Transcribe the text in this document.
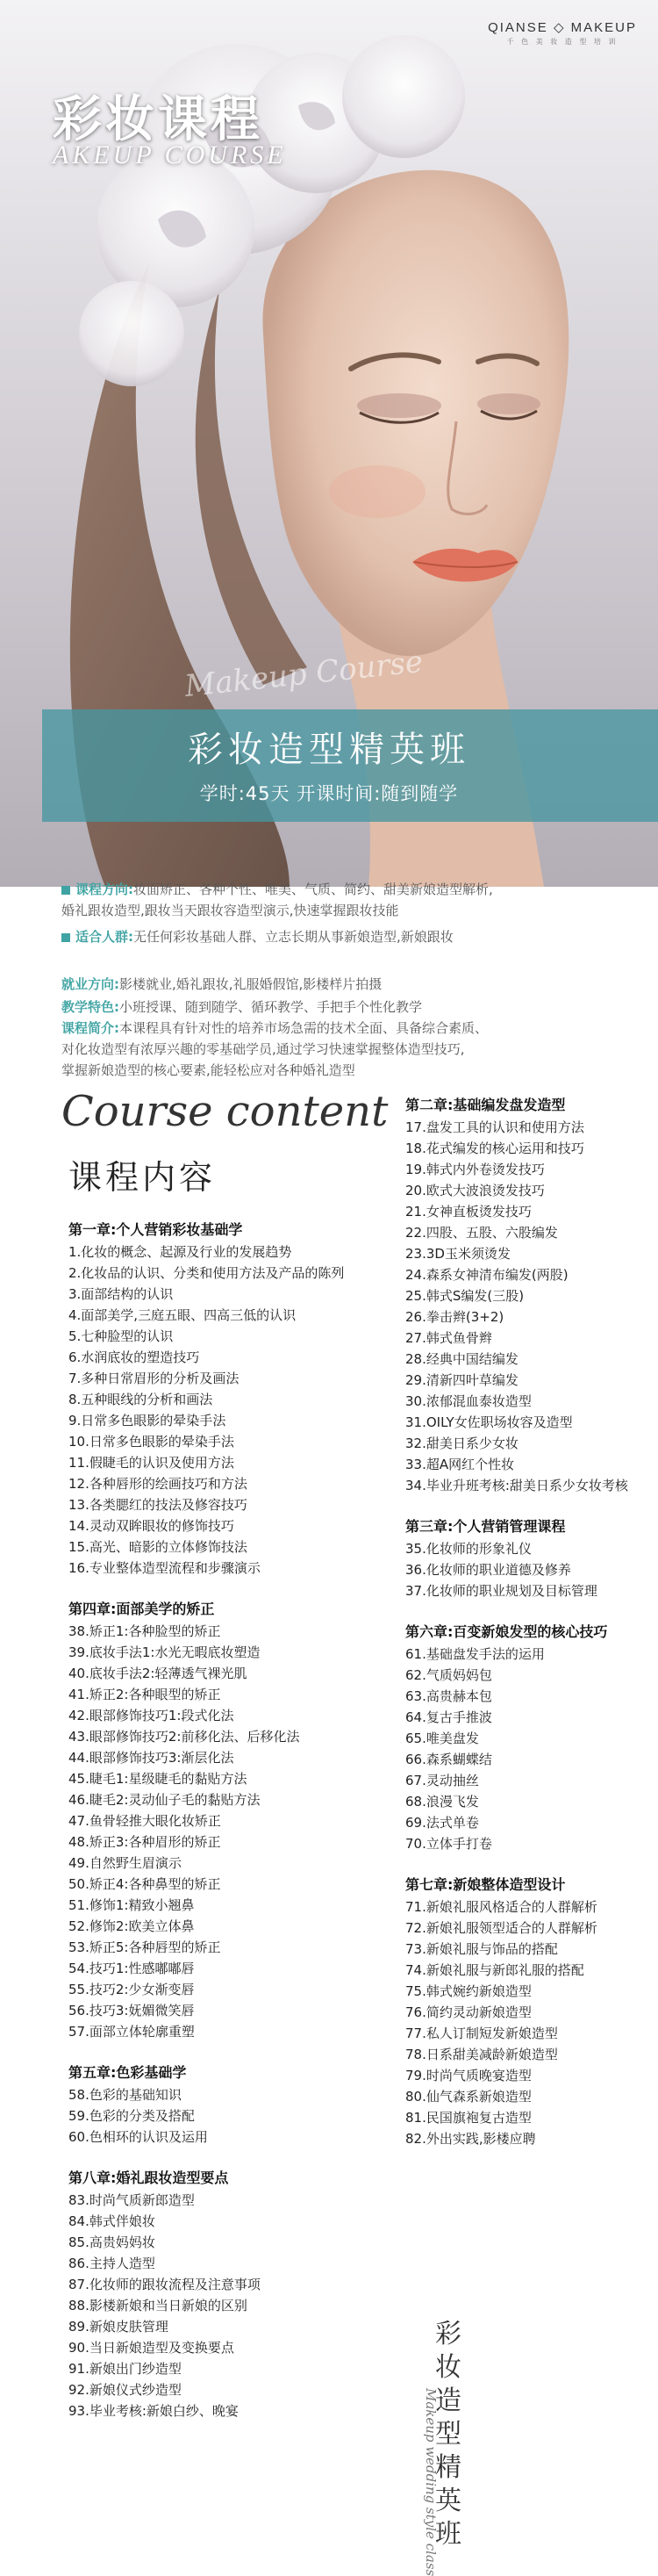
QIANSE ◇ MAKEUP
千 色 美 妆 造 型 培 训
彩妆课程
AKEUP COURSE
Makeup Course
彩妆造型精英班
学时:45天 开课时间:随到随学
课程方向:妆面矫正、各种个性、唯美、气质、简约、甜美新娘造型解析,
婚礼跟妆造型,跟妆当天跟妆容造型演示,快速掌握跟妆技能
适合人群:无任何彩妆基础人群、立志长期从事新娘造型,新娘跟妆
就业方向:影楼就业,婚礼跟妆,礼服婚假馆,影楼样片拍摄
教学特色:小班授课、随到随学、循环教学、手把手个性化教学
课程简介:本课程具有针对性的培养市场急需的技术全面、具备综合素质、
对化妆造型有浓厚兴趣的零基础学员,通过学习快速掌握整体造型技巧,
掌握新娘造型的核心要素,能轻松应对各种婚礼造型
Course content
课程内容
第一章:个人营销彩妆基础学
1.化妆的概念、起源及行业的发展趋势
2.化妆品的认识、分类和使用方法及产品的陈列
3.面部结构的认识
4.面部美学,三庭五眼、四高三低的认识
5.七种脸型的认识
6.水润底妆的塑造技巧
7.多种日常眉形的分析及画法
8.五种眼线的分析和画法
9.日常多色眼影的晕染手法
10.日常多色眼影的晕染手法
11.假睫毛的认识及使用方法
12.各种唇形的绘画技巧和方法
13.各类腮红的技法及修容技巧
14.灵动双眸眼妆的修饰技巧
15.高光、暗影的立体修饰技法
16.专业整体造型流程和步骤演示
第四章:面部美学的矫正
38.矫正1:各种脸型的矫正
39.底妆手法1:水光无暇底妆塑造
40.底妆手法2:轻薄透气裸光肌
41.矫正2:各种眼型的矫正
42.眼部修饰技巧1:段式化法
43.眼部修饰技巧2:前移化法、后移化法
44.眼部修饰技巧3:渐层化法
45.睫毛1:星级睫毛的黏贴方法
46.睫毛2:灵动仙子毛的黏贴方法
47.鱼骨轻推大眼化妆矫正
48.矫正3:各种眉形的矫正
49.自然野生眉演示
50.矫正4:各种鼻型的矫正
51.修饰1:精致小翘鼻
52.修饰2:欧美立体鼻
53.矫正5:各种唇型的矫正
54.技巧1:性感嘟嘟唇
55.技巧2:少女渐变唇
56.技巧3:妩媚微笑唇
57.面部立体轮廓重塑
第五章:色彩基础学
58.色彩的基础知识
59.色彩的分类及搭配
60.色相环的认识及运用
第八章:婚礼跟妆造型要点
83.时尚气质新郎造型
84.韩式伴娘妆
85.高贵妈妈妆
86.主持人造型
87.化妆师的跟妆流程及注意事项
88.影楼新娘和当日新娘的区别
89.新娘皮肤管理
90.当日新娘造型及变换要点
91.新娘出门纱造型
92.新娘仪式纱造型
93.毕业考核:新娘白纱、晚宴
第二章:基础编发盘发造型
17.盘发工具的认识和使用方法
18.花式编发的核心运用和技巧
19.韩式内外卷烫发技巧
20.欧式大波浪烫发技巧
21.女神直板烫发技巧
22.四股、五股、六股编发
23.3D玉米须烫发
24.森系女神清布编发(两股)
25.韩式S编发(三股)
26.拳击辫(3+2)
27.韩式鱼骨辫
28.经典中国结编发
29.清新四叶草编发
30.浓郁混血泰妆造型
31.OILY女佐职场妆容及造型
32.甜美日系少女妆
33.超A网红个性妆
34.毕业升班考核:甜美日系少女妆考核
第三章:个人营销管理课程
35.化妆师的形象礼仪
36.化妆师的职业道德及修养
37.化妆师的职业规划及目标管理
第六章:百变新娘发型的核心技巧
61.基础盘发手法的运用
62.气质妈妈包
63.高贵赫本包
64.复古手推波
65.唯美盘发
66.森系蝴蝶结
67.灵动抽丝
68.浪漫飞发
69.法式单卷
70.立体手打卷
第七章:新娘整体造型设计
71.新娘礼服风格适合的人群解析
72.新娘礼服领型适合的人群解析
73.新娘礼服与饰品的搭配
74.新娘礼服与新郎礼服的搭配
75.韩式婉约新娘造型
76.简约灵动新娘造型
77.私人订制短发新娘造型
78.日系甜美减龄新娘造型
79.时尚气质晚宴造型
80.仙气森系新娘造型
81.民国旗袍复古造型
82.外出实践,影楼应聘
彩
妆
造
型
精
英
班
Makeup wedding style class
